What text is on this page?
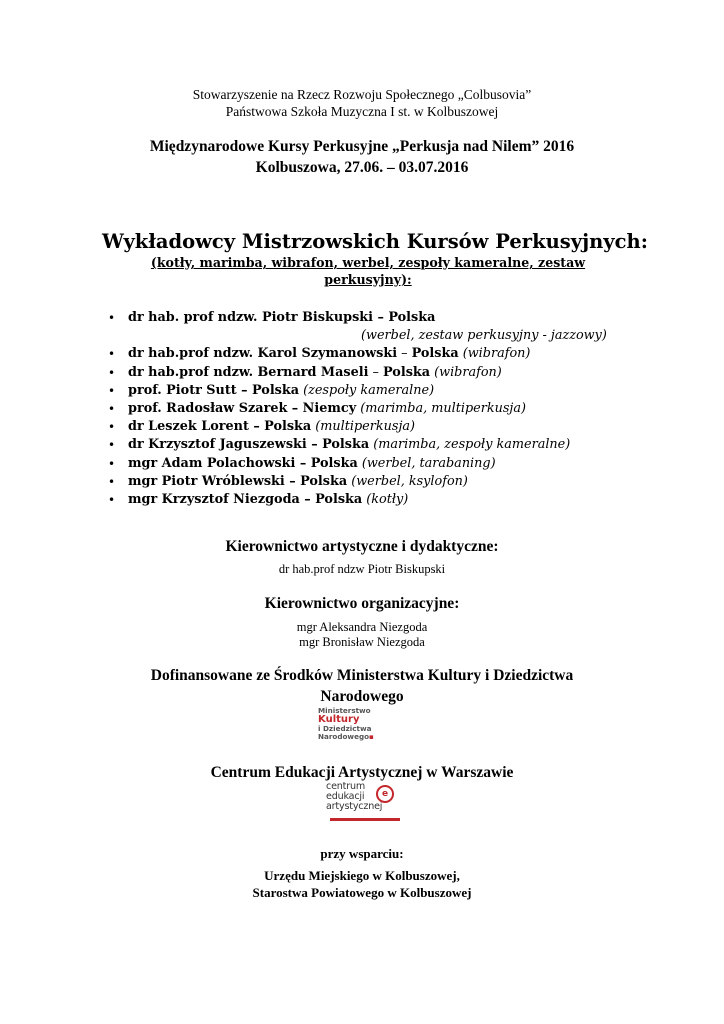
Stowarzyszenie na Rzecz Rozwoju Społecznego „Colbusovia”
Państwowa Szkoła Muzyczna I st. w Kolbuszowej
Międzynarodowe Kursy Perkusyjne „Perkusja nad Nilem” 2016
Kolbuszowa, 27.06. – 03.07.2016
Wykładowcy Mistrzowskich Kursów Perkusyjnych:
(kotły, marimba, wibrafon, werbel, zespoły kameralne, zestaw perkusyjny):
• dr hab. prof ndzw. Piotr Biskupski – Polska
(werbel, zestaw perkusyjny - jazzowy)
• dr hab.prof ndzw. Karol Szymanowski – Polska (wibrafon)
• dr hab.prof ndzw. Bernard Maseli – Polska (wibrafon)
• prof. Piotr Sutt – Polska (zespoły kameralne)
• prof. Radosław Szarek – Niemcy (marimba, multiperkusja)
• dr Leszek Lorent – Polska (multiperkusja)
• dr Krzysztof Jaguszewski – Polska (marimba, zespoły kameralne)
• mgr Adam Polachowski – Polska (werbel, tarabaning)
• mgr Piotr Wróblewski – Polska (werbel, ksylofon)
• mgr Krzysztof Niezgoda – Polska (kotły)
Kierownictwo artystyczne i dydaktyczne:
dr hab.prof ndzw Piotr Biskupski
Kierownictwo organizacyjne:
mgr Aleksandra Niezgoda
mgr Bronisław Niezgoda
Dofinansowane ze Środków Ministerstwa Kultury i Dziedzictwa
Narodowego
Ministerstwo
Kultury
i Dziedzictwa
Narodowego▪
Centrum Edukacji Artystycznej w Warszawie
centrum
edukacji
artystycznej
e
przy wsparciu:
Urzędu Miejskiego w Kolbuszowej,
Starostwa Powiatowego w Kolbuszowej
